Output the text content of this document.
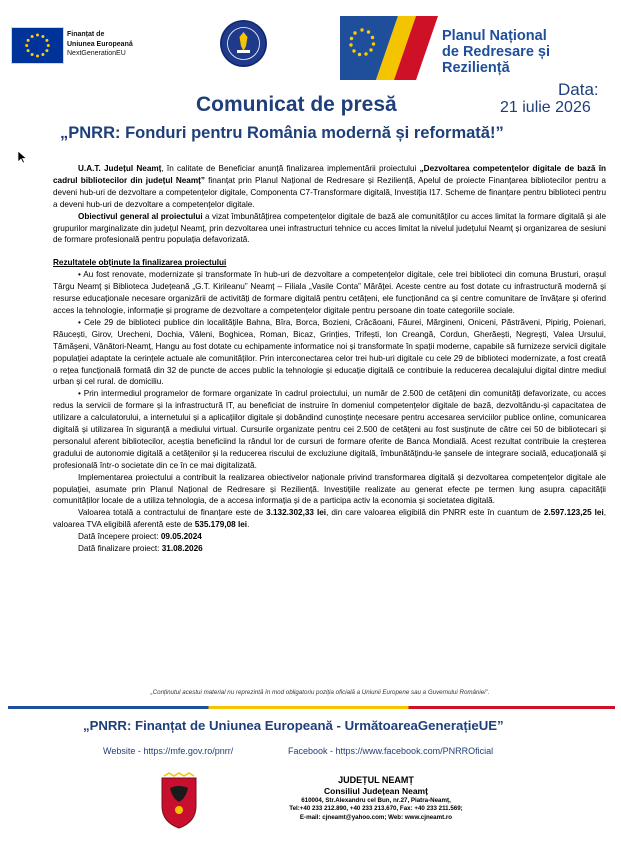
Finanțat de
Uniunea Europeană
NextGenerationEU
Planul Național
de Redresare și Reziliență
Data:
21 iulie 2026
Comunicat de presă
„PNRR: Fonduri pentru România modernă și reformată!”

U.A.T. Județul Neamț, în calitate de Beneficiar anunță finalizarea implementării proiectului „Dezvoltarea competențelor digitale de bază în cadrul bibliotecilor din județul Neamț” finanțat prin Planul Național de Redresare și Reziliență, Apelul de proiecte Finanțarea bibliotecilor pentru a deveni hub-uri de dezvoltare a competențelor digitale, Componenta C7-Transformare digitală, Investiția I17. Scheme de finanțare pentru biblioteci pentru a deveni hub-uri de dezvoltare a competențelor digitale.

Obiectivul general al proiectului a vizat îmbunătățirea competențelor digitale de bază ale comunităților cu acces limitat la formare digitală și ale grupurilor marginalizate din județul Neamț, prin dezvoltarea unei infrastructuri tehnice cu acces limitat la nivelul județului Neamț și organizarea de sesiuni de formare profesională pentru populația defavorizată.

Rezultatele obținute la finalizarea proiectului

• Au fost renovate, modernizate și transformate în hub-uri de dezvoltare a competențelor digitale, cele trei biblioteci din comuna Brusturi, orașul Târgu Neamț și Biblioteca Județeană „G.T. Kirileanu” Neamț – Filiala „Vasile Conta” Mărăței. Aceste centre au fost dotate cu infrastructură modernă și resurse educaționale necesare organizării de activități de formare digitală pentru cetățeni, ele funcționând ca și centre comunitare de învățare și oferind acces la tehnologie, informație și programe de dezvoltare a competențelor digitale pentru persoane din toate categoriile sociale.

• Cele 29 de biblioteci publice din localitățile Bahna, Bîra, Borca, Bozieni, Crăcăoani, Făurei, Mărgineni, Oniceni, Păstrăveni, Pipirig, Poienari, Răucești, Girov, Urecheni, Dochia, Văleni, Boghicea, Roman, Bicaz, Grințies, Trifești, Ion Creangă, Cordun, Gherăești, Negrești, Valea Ursului, Tămășeni, Vânători-Neamț, Hangu au fost dotate cu echipamente informatice noi și transformate în spații moderne, capabile să furnizeze servicii digitale populației adaptate la cerințele actuale ale comunităților. Prin interconectarea celor trei hub-uri digitale cu cele 29 de biblioteci modernizate, a fost creată o rețea funcțională formată din 32 de puncte de acces public la tehnologie și educație digitală ce contribuie la reducerea decalajului digital dintre mediul urban și cel rural. de domiciliu.

• Prin intermediul programelor de formare organizate în cadrul proiectului, un număr de 2.500 de cetățeni din comunități defavorizate, cu acces redus la servicii de formare și la infrastructură IT, au beneficiat de instruire în domeniul competențelor digitale de bază, dezvoltându-și capacitatea de utilizare a calculatorului, a internetului și a aplicațiilor digitale și dobândind cunoștințe necesare pentru accesarea serviciilor publice online, comunicarea digitală și utilizarea în siguranță a mediului virtual. Cursurile organizate pentru cei 2.500 de cetățeni au fost susținute de către cei 50 de bibliotecari și personalul aferent bibliotecilor, aceștia beneficiind la rândul lor de cursuri de formare oferite de Banca Mondială. Acest rezultat contribuie la creșterea gradului de autonomie digitală a cetățenilor și la reducerea riscului de excluziune digitală, îmbunătățindu-le șansele de integrare socială, educațională și profesională într-o societate din ce în ce mai digitalizată.

Implementarea proiectului a contribuit la realizarea obiectivelor naționale privind transformarea digitală și dezvoltarea competențelor digitale ale populației, asumate prin Planul Național de Redresare și Reziliență. Investițiile realizate au generat efecte pe termen lung asupra capacității comunităților locale de a utiliza tehnologia, de a accesa informația și de a participa activ la economia și societatea digitală.

Valoarea totală a contractului de finanțare este de 3.132.302,33 lei, din care valoarea eligibilă din PNRR este în cuantum de 2.597.123,25 lei, valoarea TVA eligibilă aferentă este de 535.179,08 lei.

Dată începere proiect: 09.05.2024

Dată finalizare proiect: 31.08.2026

„Conținutul acestui material nu reprezintă în mod obligatoriu poziția oficială a Uniunii Europene sau a Guvernului României”.
„PNRR: Finanțat de Uniunea Europeană - UrmătoareaGenerațieUE”
Website - https://mfe.gov.ro/pnrr/	Facebook - https://www.facebook.com/PNRROficial
JUDEȚUL NEAMȚ
Consiliul Județean Neamț
610004, Str.Alexandru cel Bun, nr.27, Piatra-Neamț,
Tel:+40 233 212.890, +40 233 213.670, Fax: +40 233 211.569;
E-mail: cjneamt@yahoo.com; Web: www.cjneamt.ro
